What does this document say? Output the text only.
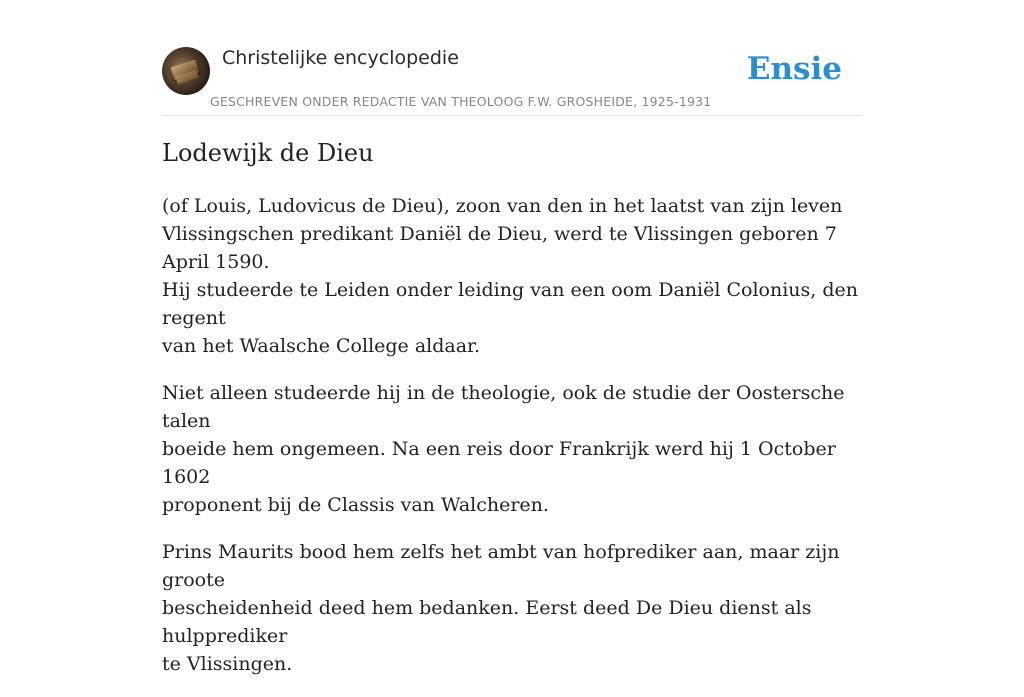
Christelijke encyclopedie
GESCHREVEN ONDER REDACTIE VAN THEOLOOG F.W. GROSHEIDE, 1925-1931
Ensie
Lodewijk de Dieu

(of Louis, Ludovicus de Dieu), zoon van den in het laatst van zijn leven
Vlissingschen predikant Daniël de Dieu, werd te Vlissingen geboren 7 April 1590.
Hij studeerde te Leiden onder leiding van een oom Daniël Colonius, den regent
van het Waalsche College aldaar.

Niet alleen studeerde hij in de theologie, ook de studie der Oostersche talen
boeide hem ongemeen. Na een reis door Frankrijk werd hij 1 October 1602
proponent bij de Classis van Walcheren.

Prins Maurits bood hem zelfs het ambt van hofprediker aan, maar zijn groote
bescheidenheid deed hem bedanken. Eerst deed De Dieu dienst als hulpprediker
te Vlissingen.
